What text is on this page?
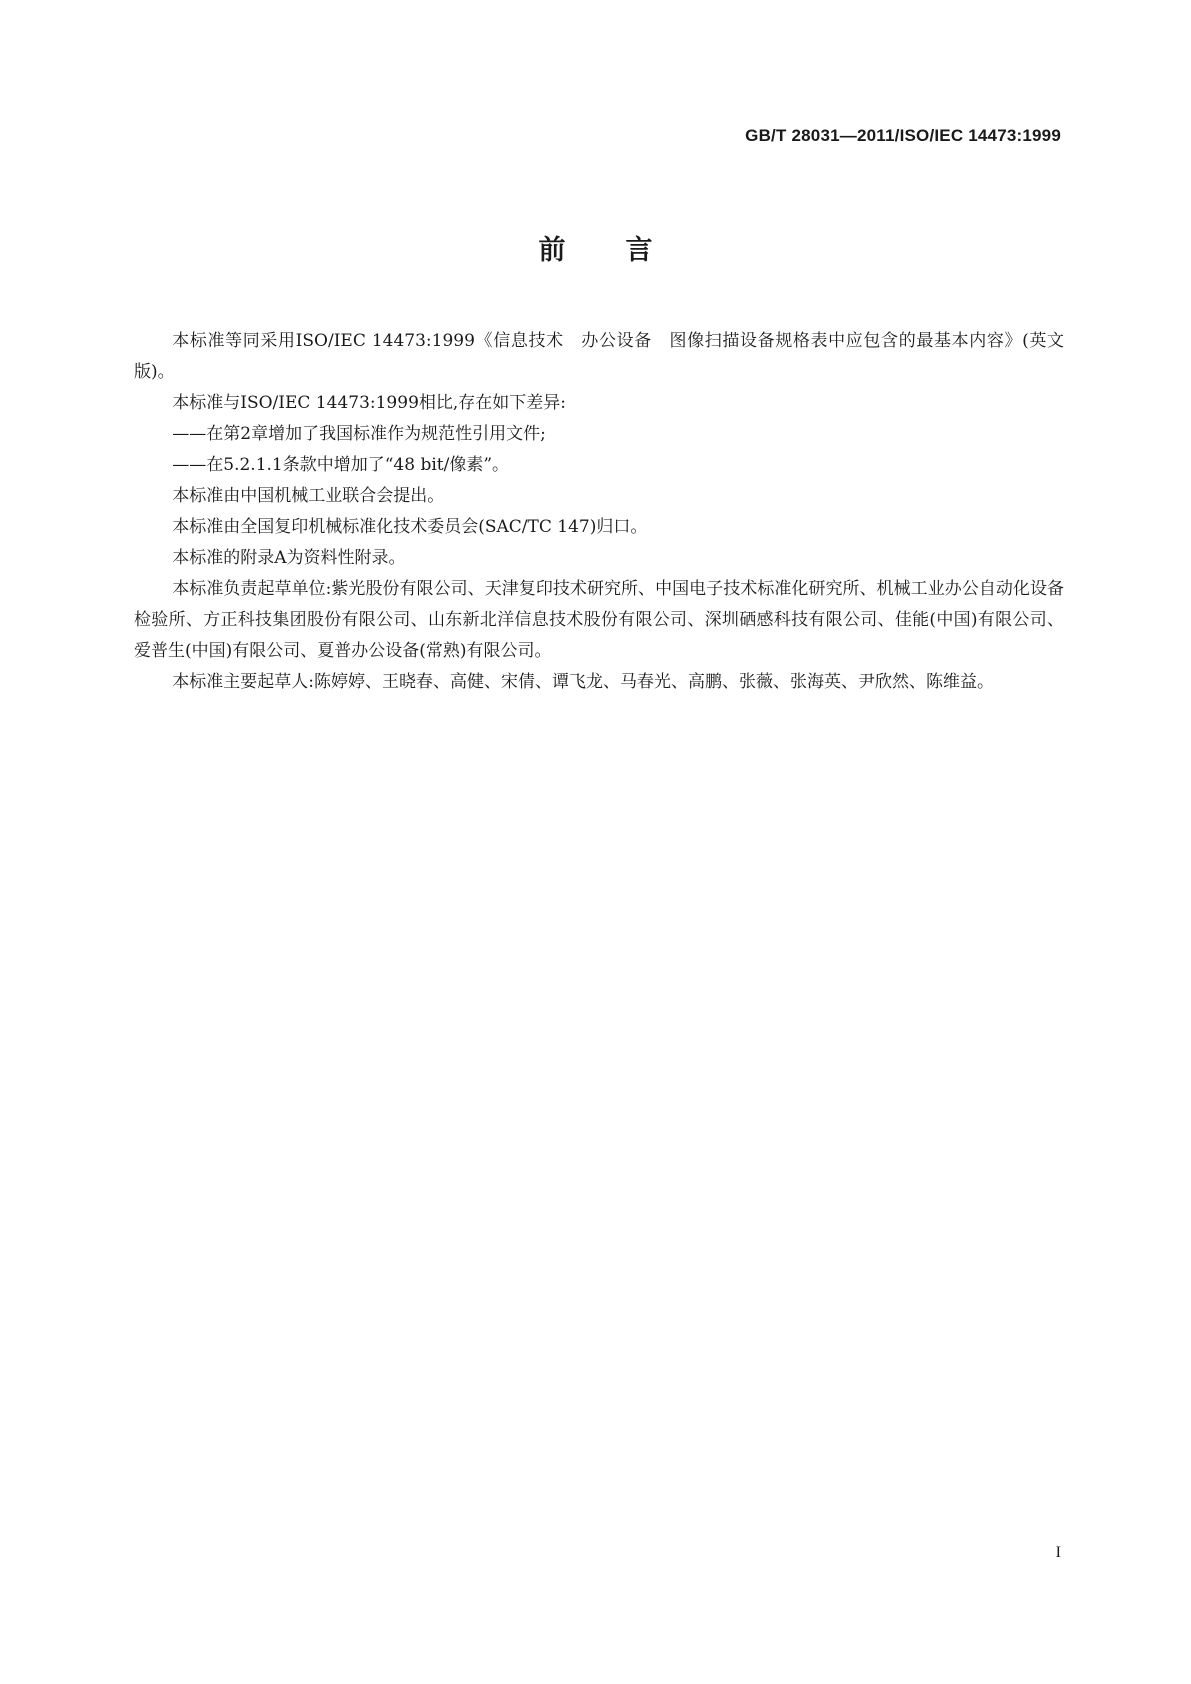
GB/T 28031—2011/ISO/IEC 14473:1999
前言

本标准等同采用ISO/IEC 14473:1999《信息技术　办公设备　图像扫描设备规格表中应包含的最基本内容》(英文版)。

本标准与ISO/IEC 14473:1999相比,存在如下差异:

——在第2章增加了我国标准作为规范性引用文件;

——在5.2.1.1条款中增加了“48 bit/像素”。

本标准由中国机械工业联合会提出。

本标准由全国复印机械标准化技术委员会(SAC/TC 147)归口。

本标准的附录A为资料性附录。

本标准负责起草单位:紫光股份有限公司、天津复印技术研究所、中国电子技术标准化研究所、机械工业办公自动化设备检验所、方正科技集团股份有限公司、山东新北洋信息技术股份有限公司、深圳硒感科技有限公司、佳能(中国)有限公司、爱普生(中国)有限公司、夏普办公设备(常熟)有限公司。

本标准主要起草人:陈婷婷、王晓春、高健、宋倩、谭飞龙、马春光、高鹏、张薇、张海英、尹欣然、陈维益。

I
